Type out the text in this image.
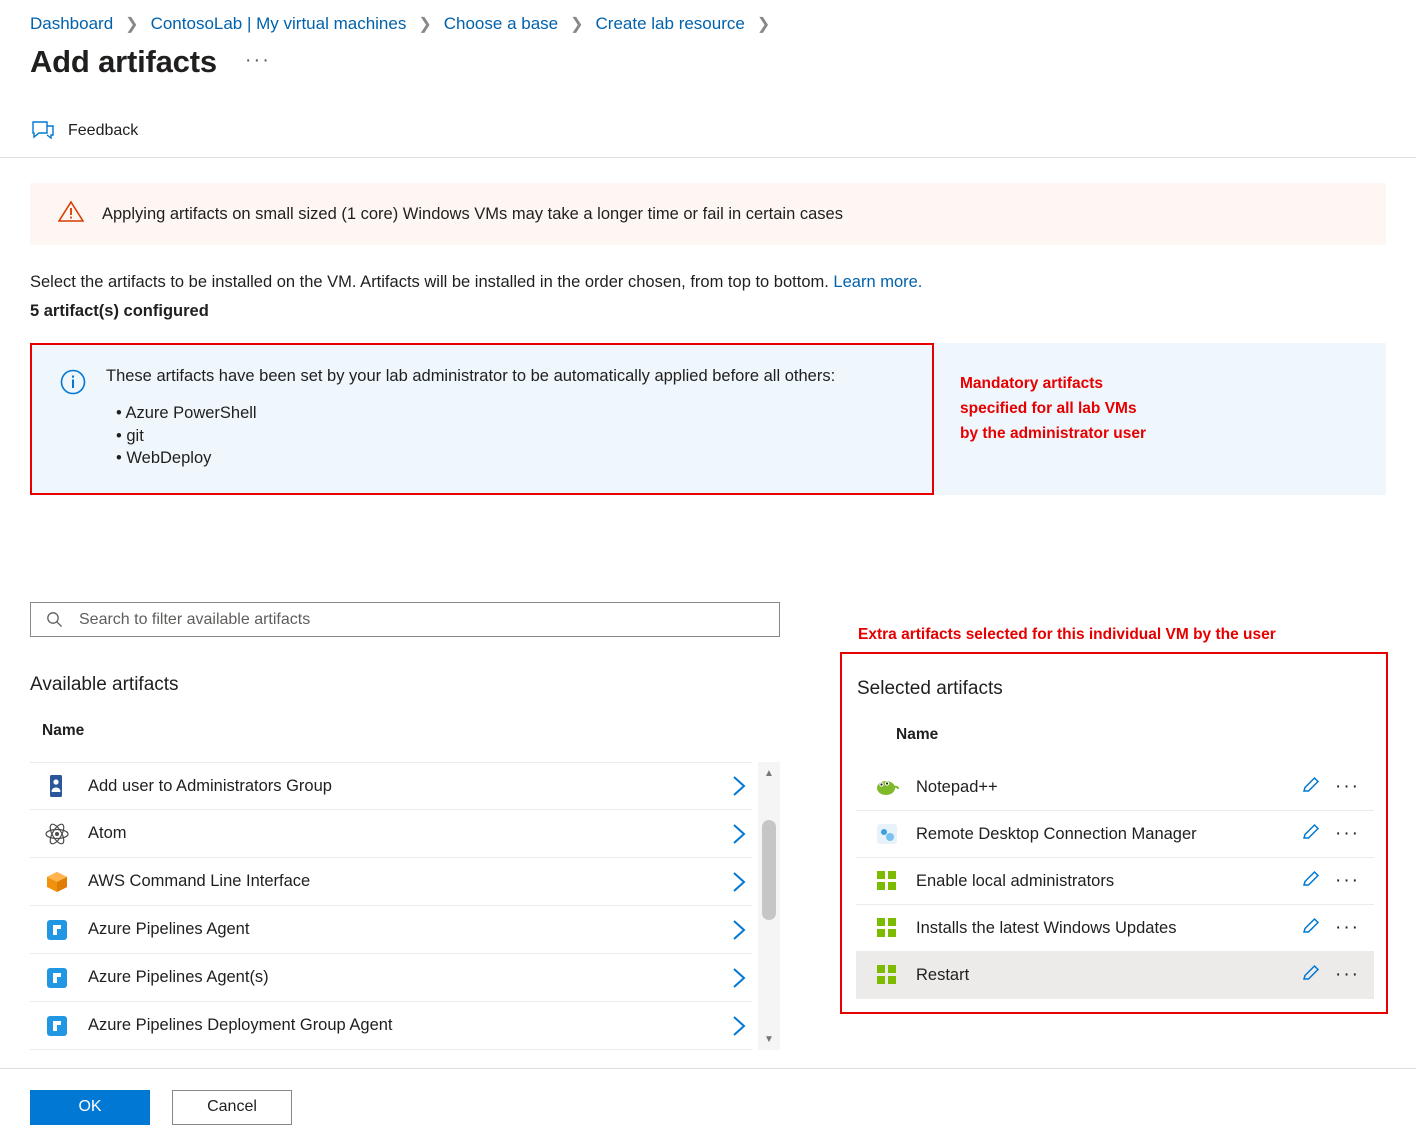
Dashboard ❯ ContosoLab | My virtual machines ❯ Choose a base ❯ Create lab resource ❯
Add artifacts ···
Feedback
Applying artifacts on small sized (1 core) Windows VMs may take a longer time or fail in certain cases
Select the artifacts to be installed on the VM. Artifacts will be installed in the order chosen, from top to bottom. Learn more.
5 artifact(s) configured
These artifacts have been set by your lab administrator to be automatically applied before all others:
• Azure PowerShell
• git
• WebDeploy
Mandatory artifacts
specified for all lab VMs
by the administrator user
Search to filter available artifacts
Available artifacts
Name
Add user to Administrators Group
Atom
AWS Command Line Interface
Azure Pipelines Agent
Azure Pipelines Agent(s)
Azure Pipelines Deployment Group Agent
▲
▼
Extra artifacts selected for this individual VM by the user
Selected artifacts
Name
Notepad++	···
Remote Desktop Connection Manager	···
Enable local administrators	···
Installs the latest Windows Updates	···
Restart	···
OK	Cancel
